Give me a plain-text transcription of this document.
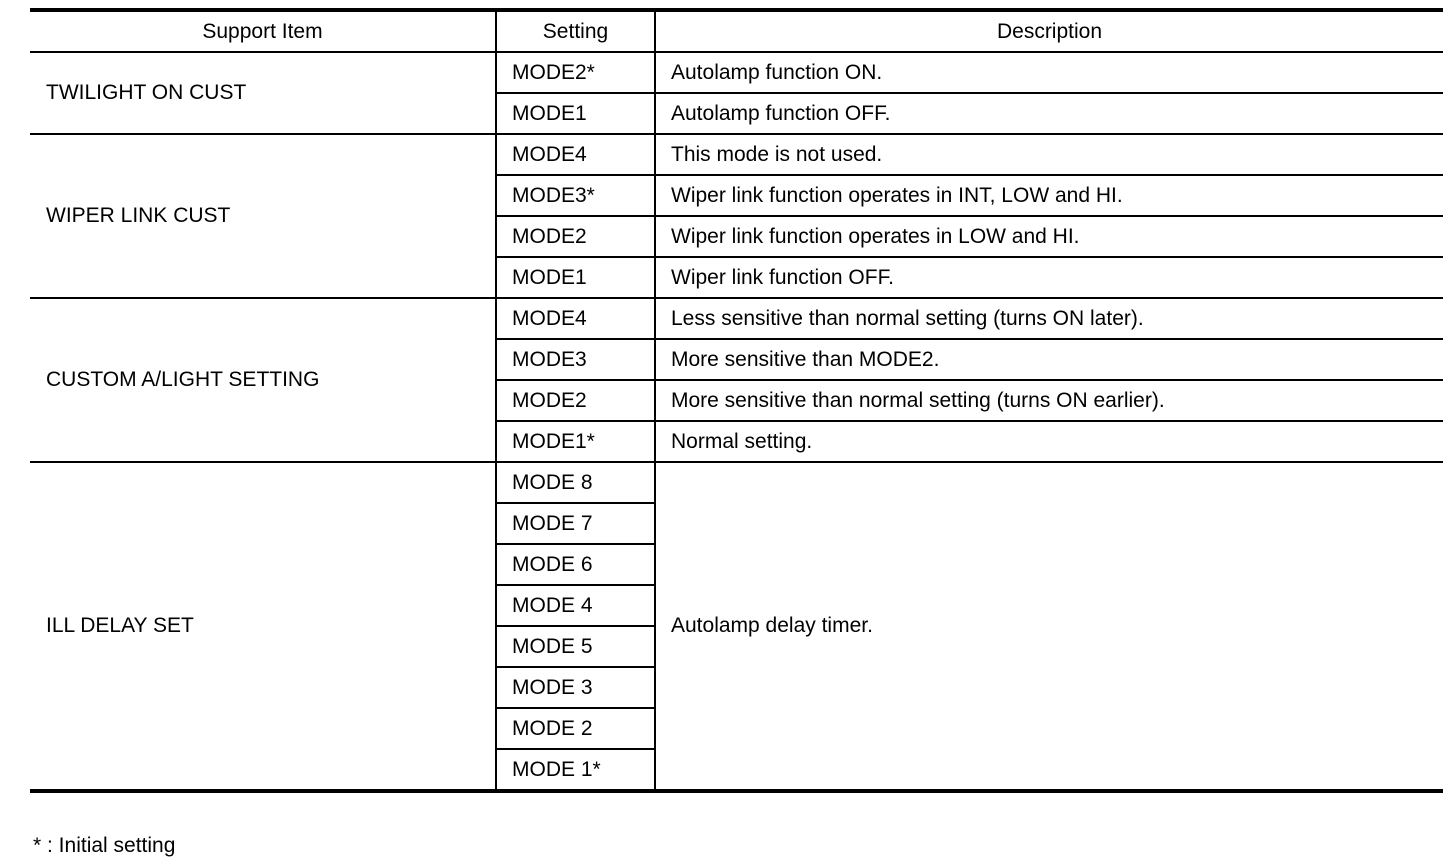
Support Item	Setting	Description
TWILIGHT ON CUST	MODE2*	Autolamp function ON.
	MODE1	Autolamp function OFF.
WIPER LINK CUST	MODE4	This mode is not used.
	MODE3*	Wiper link function operates in INT, LOW and HI.
	MODE2	Wiper link function operates in LOW and HI.
	MODE1	Wiper link function OFF.
CUSTOM A/LIGHT SETTING	MODE4	Less sensitive than normal setting (turns ON later).
	MODE3	More sensitive than MODE2.
	MODE2	More sensitive than normal setting (turns ON earlier).
	MODE1*	Normal setting.
ILL DELAY SET	MODE 8	Autolamp delay timer.
	MODE 7	
	MODE 6	
	MODE 4	
	MODE 5	
	MODE 3	
	MODE 2	
	MODE 1*	
* : Initial setting
